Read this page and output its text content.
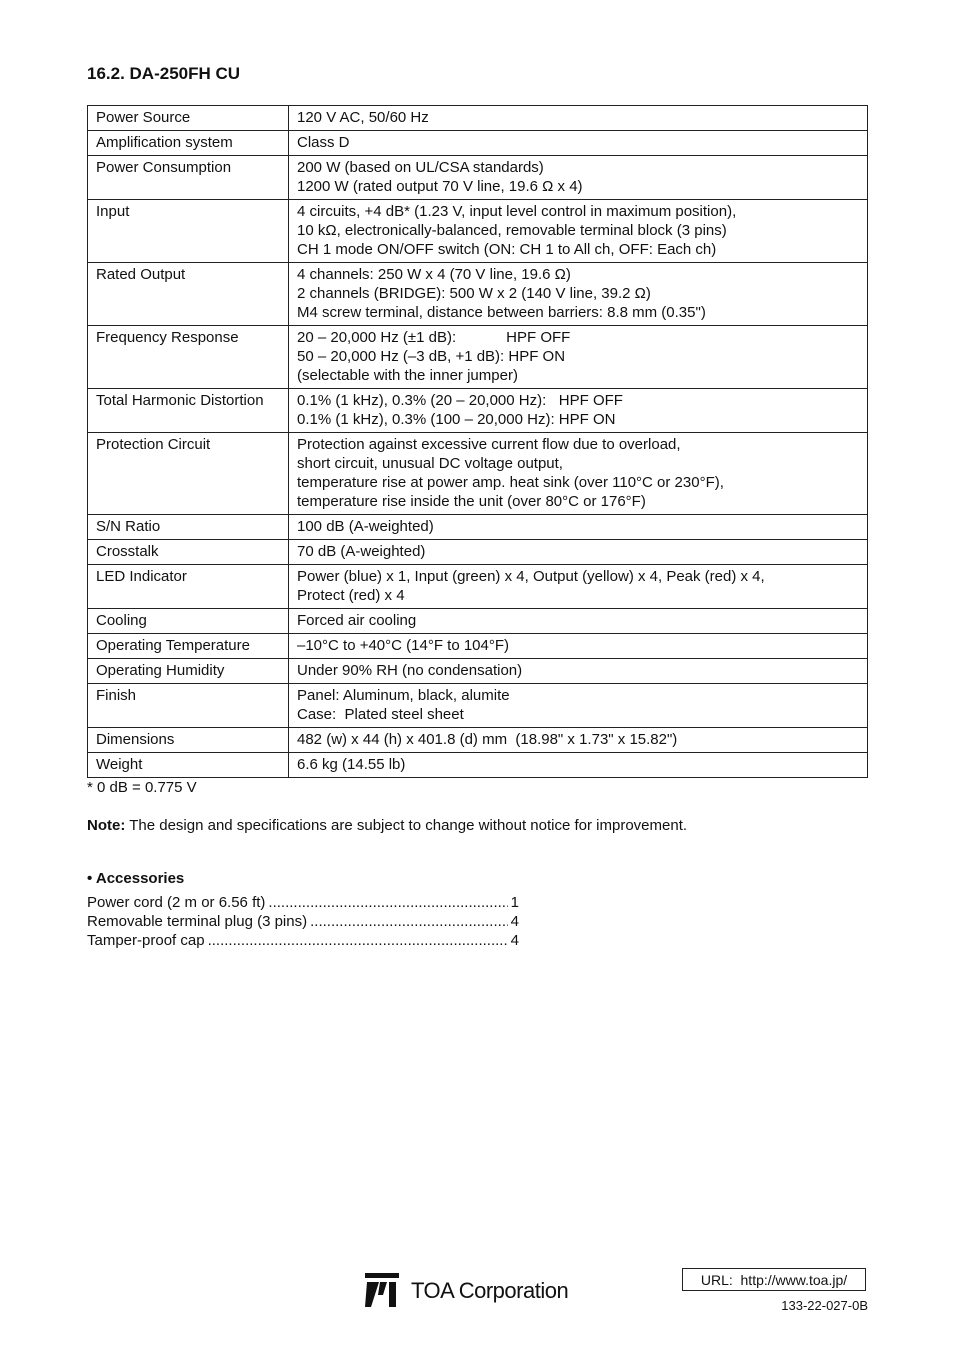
16.2. DA-250FH CU
Power Source	120 V AC, 50/60 Hz

Amplification system	Class D

Power Consumption	200 W (based on UL/CSA standards)
1200 W (rated output 70 V line, 19.6 Ω x 4)

Input	4 circuits, +4 dB* (1.23 V, input level control in maximum position),
10 kΩ, electronically-balanced, removable terminal block (3 pins)
CH 1 mode ON/OFF switch (ON: CH 1 to All ch, OFF: Each ch)

Rated Output	4 channels: 250 W x 4 (70 V line, 19.6 Ω)
2 channels (BRIDGE): 500 W x 2 (140 V line, 39.2 Ω)
M4 screw terminal, distance between barriers: 8.8 mm (0.35")

Frequency Response	20 – 20,000 Hz (±1 dB):            HPF OFF
50 – 20,000 Hz (–3 dB, +1 dB): HPF ON
(selectable with the inner jumper)

Total Harmonic Distortion	0.1% (1 kHz), 0.3% (20 – 20,000 Hz):   HPF OFF
0.1% (1 kHz), 0.3% (100 – 20,000 Hz): HPF ON

Protection Circuit	Protection against excessive current flow due to overload,
short circuit, unusual DC voltage output,
temperature rise at power amp. heat sink (over 110°C or 230°F),
temperature rise inside the unit (over 80°C or 176°F)

S/N Ratio	100 dB (A-weighted)

Crosstalk	70 dB (A-weighted)

LED Indicator	Power (blue) x 1, Input (green) x 4, Output (yellow) x 4, Peak (red) x 4,
Protect (red) x 4

Cooling	Forced air cooling

Operating Temperature	–10°C to +40°C (14°F to 104°F)

Operating Humidity	Under 90% RH (no condensation)

Finish	Panel: Aluminum, black, alumite
Case:  Plated steel sheet

Dimensions	482 (w) x 44 (h) x 401.8 (d) mm  (18.98" x 1.73" x 15.82")

Weight	6.6 kg (14.55 lb)
* 0 dB = 0.775 V
Note: The design and specifications are subject to change without notice for improvement.
• Accessories
Power cord (2 m or 6.56 ft) .....	1
Removable terminal plug (3 pins) .....	4
Tamper-proof cap .....	4
TOA Corporation	URL:  http://www.toa.jp/
133-22-027-0B
